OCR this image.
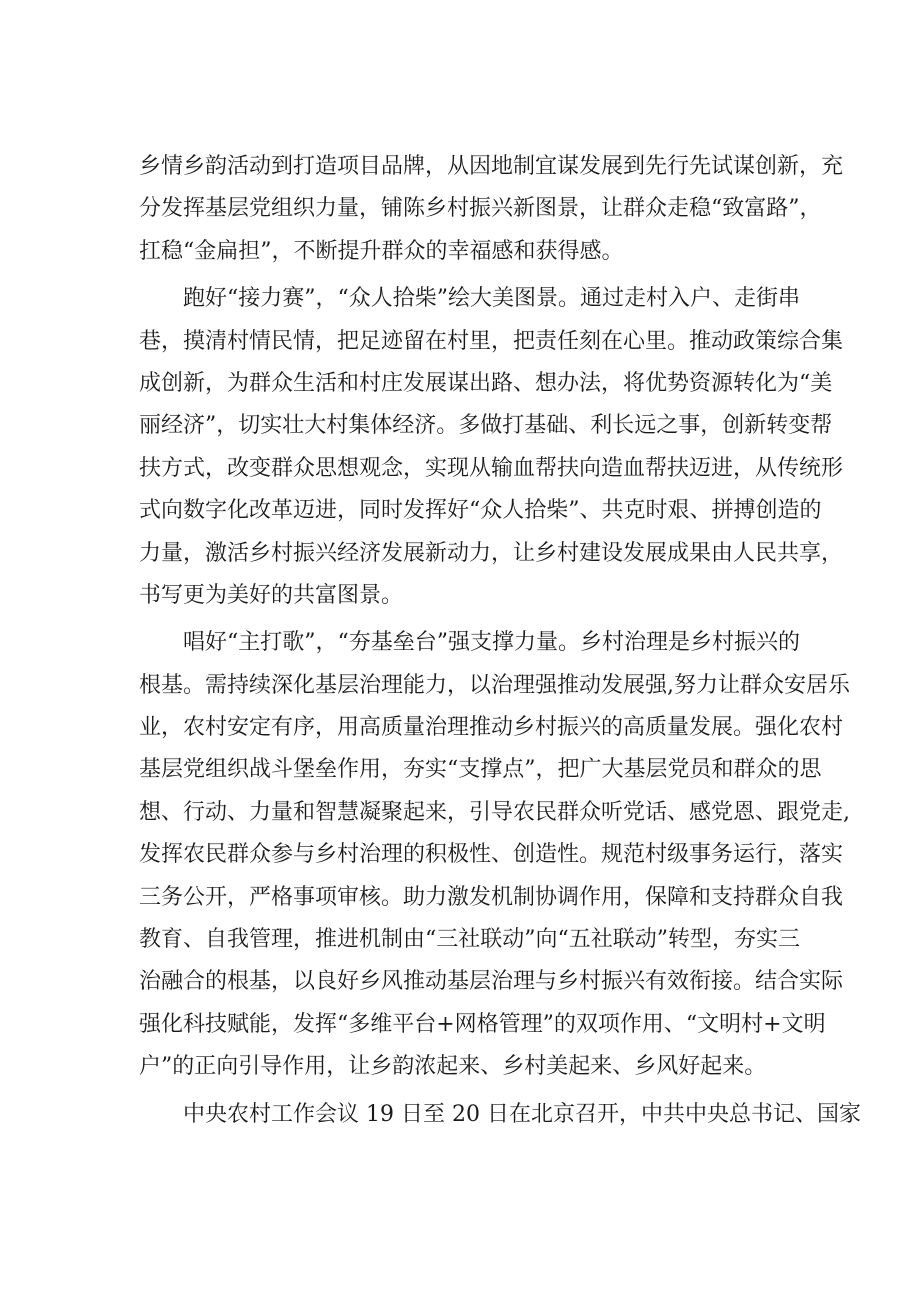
乡情乡韵活动到打造项目品牌，从因地制宜谋发展到先行先试谋创新，充
分发挥基层党组织力量，铺陈乡村振兴新图景，让群众走稳“致富路”，
扛稳“金扁担”，不断提升群众的幸福感和获得感。
跑好“接力赛”，“众人拾柴”绘大美图景。通过走村入户、走街串
巷，摸清村情民情，把足迹留在村里，把责任刻在心里。推动政策综合集
成创新，为群众生活和村庄发展谋出路、想办法，将优势资源转化为“美
丽经济”，切实壮大村集体经济。多做打基础、利长远之事，创新转变帮
扶方式，改变群众思想观念，实现从输血帮扶向造血帮扶迈进，从传统形
式向数字化改革迈进，同时发挥好“众人拾柴”、共克时艰、拼搏创造的
力量，激活乡村振兴经济发展新动力，让乡村建设发展成果由人民共享，
书写更为美好的共富图景。
唱好“主打歌”，“夯基垒台”强支撑力量。乡村治理是乡村振兴的
根基。需持续深化基层治理能力，以治理强推动发展强,努力让群众安居乐
业，农村安定有序，用高质量治理推动乡村振兴的高质量发展。强化农村
基层党组织战斗堡垒作用，夯实“支撑点”，把广大基层党员和群众的思
想、行动、力量和智慧凝聚起来，引导农民群众听党话、感党恩、跟党走,
发挥农民群众参与乡村治理的积极性、创造性。规范村级事务运行，落实
三务公开，严格事项审核。助力激发机制协调作用，保障和支持群众自我
教育、自我管理，推进机制由“三社联动”向“五社联动”转型，夯实三
治融合的根基，以良好乡风推动基层治理与乡村振兴有效衔接。结合实际
强化科技赋能，发挥“多维平台+网格管理”的双项作用、“文明村+文明
户”的正向引导作用，让乡韵浓起来、乡村美起来、乡风好起来。
中央农村工作会议 19 日至 20 日在北京召开，中共中央总书记、国家
